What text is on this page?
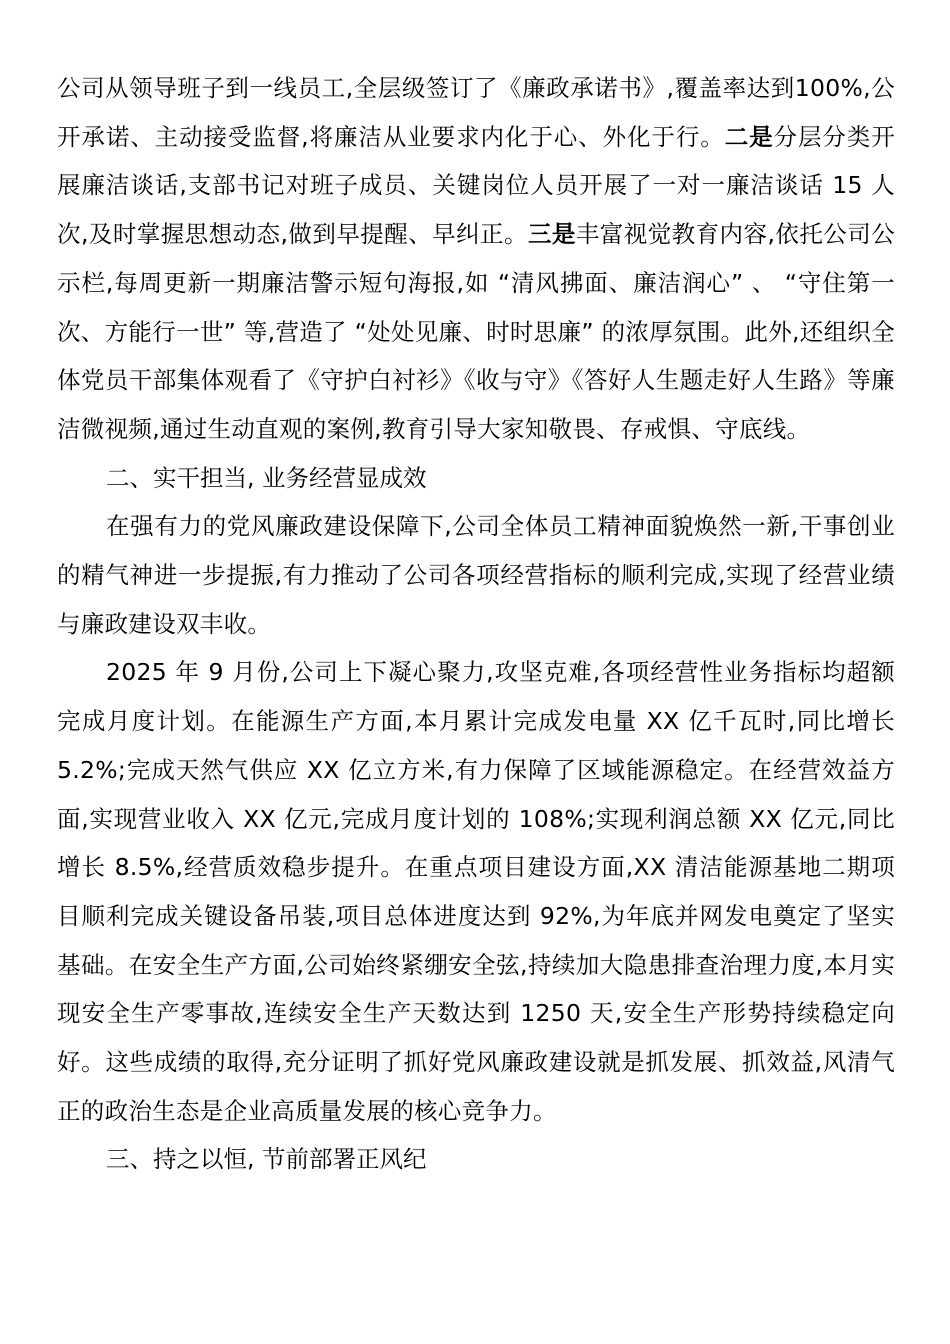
公司从领导班子到一线员工,全层级签订了《廉政承诺书》,覆盖率达到100%,公开承诺、主动接受监督,将廉洁从业要求内化于心、外化于行。二是分层分类开展廉洁谈话,支部书记对班子成员、关键岗位人员开展了一对一廉洁谈话 15 人次,及时掌握思想动态,做到早提醒、早纠正。三是丰富视觉教育内容,依托公司公示栏,每周更新一期廉洁警示短句海报,如 “清风拂面、廉洁润心” 、 “守住第一次、方能行一世” 等,营造了 “处处见廉、时时思廉” 的浓厚氛围。此外,还组织全体党员干部集体观看了《守护白衬衫》《收与守》《答好人生题走好人生路》等廉洁微视频,通过生动直观的案例,教育引导大家知敬畏、存戒惧、守底线。

二、实干担当, 业务经营显成效

在强有力的党风廉政建设保障下,公司全体员工精神面貌焕然一新,干事创业的精气神进一步提振,有力推动了公司各项经营指标的顺利完成,实现了经营业绩与廉政建设双丰收。

2025 年 9 月份,公司上下凝心聚力,攻坚克难,各项经营性业务指标均超额完成月度计划。在能源生产方面,本月累计完成发电量 XX 亿千瓦时,同比增长 5.2%;完成天然气供应 XX 亿立方米,有力保障了区域能源稳定。在经营效益方面,实现营业收入 XX 亿元,完成月度计划的 108%;实现利润总额 XX 亿元,同比增长 8.5%,经营质效稳步提升。在重点项目建设方面,XX 清洁能源基地二期项目顺利完成关键设备吊装,项目总体进度达到 92%,为年底并网发电奠定了坚实基础。在安全生产方面,公司始终紧绷安全弦,持续加大隐患排查治理力度,本月实现安全生产零事故,连续安全生产天数达到 1250 天,安全生产形势持续稳定向好。这些成绩的取得,充分证明了抓好党风廉政建设就是抓发展、抓效益,风清气正的政治生态是企业高质量发展的核心竞争力。

三、持之以恒, 节前部署正风纪
